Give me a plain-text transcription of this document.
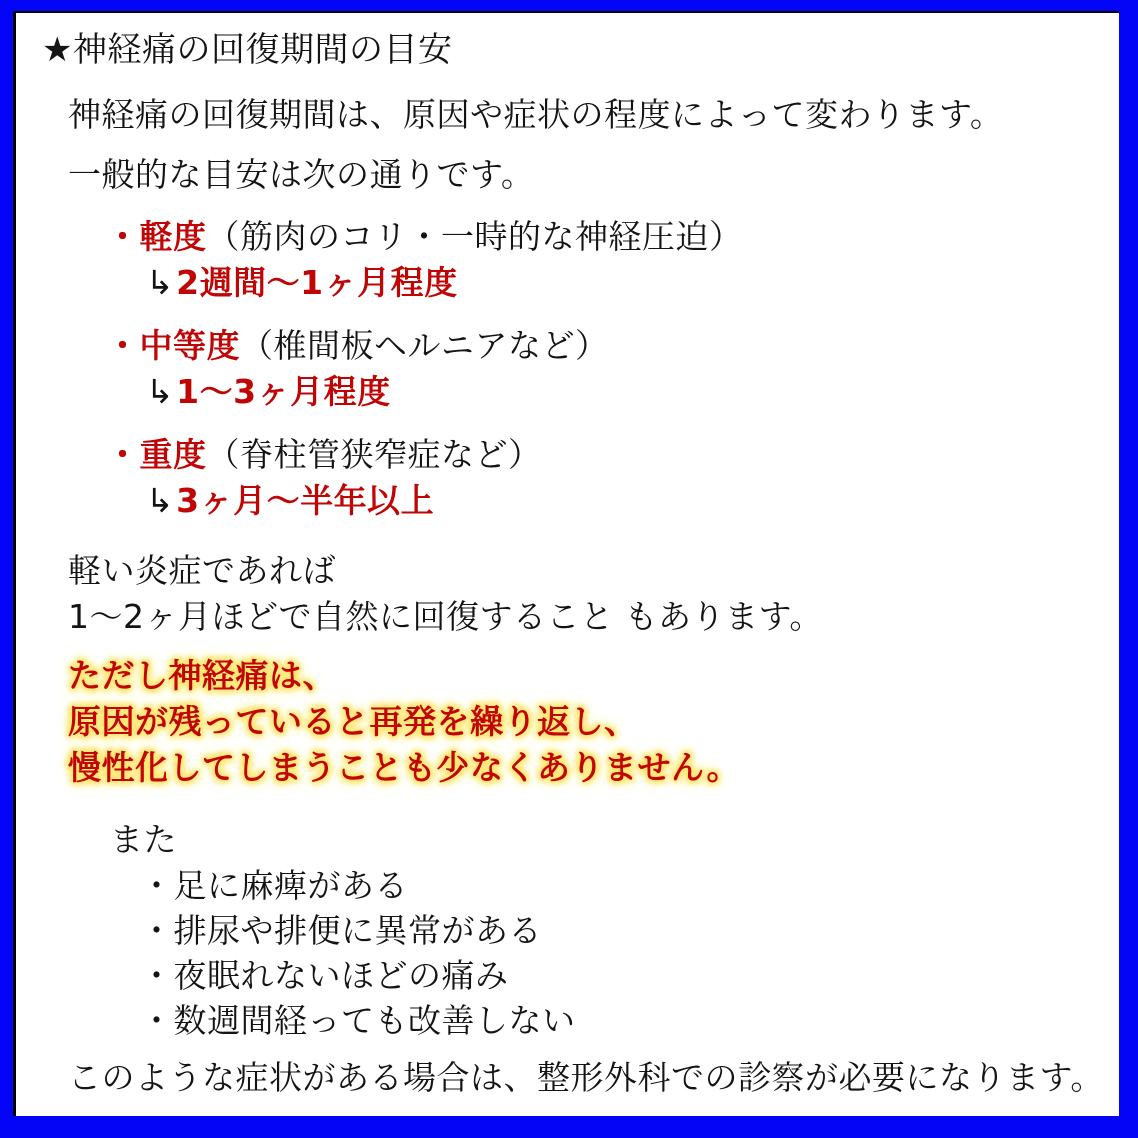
★神経痛の回復期間の目安

神経痛の回復期間は、原因や症状の程度によって変わります。

一般的な目安は次の通りです。

・軽度（筋肉のコリ・一時的な神経圧迫）
↳2週間～1ヶ月程度
・中等度（椎間板ヘルニアなど）
↳1～3ヶ月程度
・重度（脊柱管狭窄症など）
↳3ヶ月～半年以上
軽い炎症であれば
1～2ヶ月ほどで自然に回復すること もあります。
ただし神経痛は、
原因が残っていると再発を繰り返し、
慢性化してしまうことも少なくありません。
また
・足に麻痺がある
・排尿や排便に異常がある
・夜眠れないほどの痛み
・数週間経っても改善しない

このような症状がある場合は、整形外科での診察が必要になります。
